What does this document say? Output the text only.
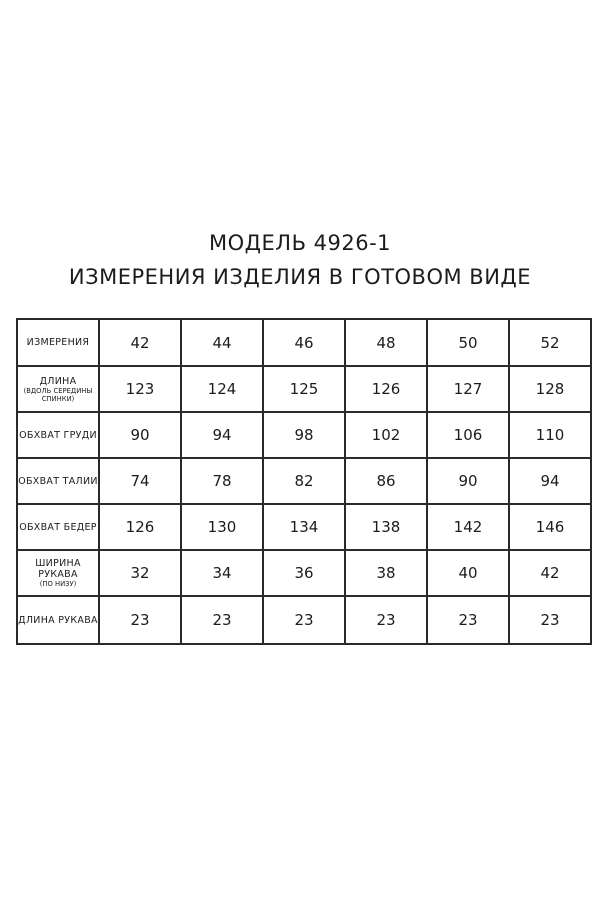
МОДЕЛЬ 4926-1

ИЗМЕРЕНИЯ ИЗДЕЛИЯ В ГОТОВОМ ВИДЕ

ИЗМЕРЕНИЯ	42	44	46	48	50	52
ДЛИНА
(ВДОЛЬ СЕРЕДИНЫ СПИНКИ)	123	124	125	126	127	128
ОБХВАТ ГРУДИ	90	94	98	102	106	110
ОБХВАТ ТАЛИИ	74	78	82	86	90	94
ОБХВАТ БЕДЕР	126	130	134	138	142	146
ШИРИНА РУКАВА
(ПО НИЗУ)	32	34	36	38	40	42
ДЛИНА РУКАВА	23	23	23	23	23	23
